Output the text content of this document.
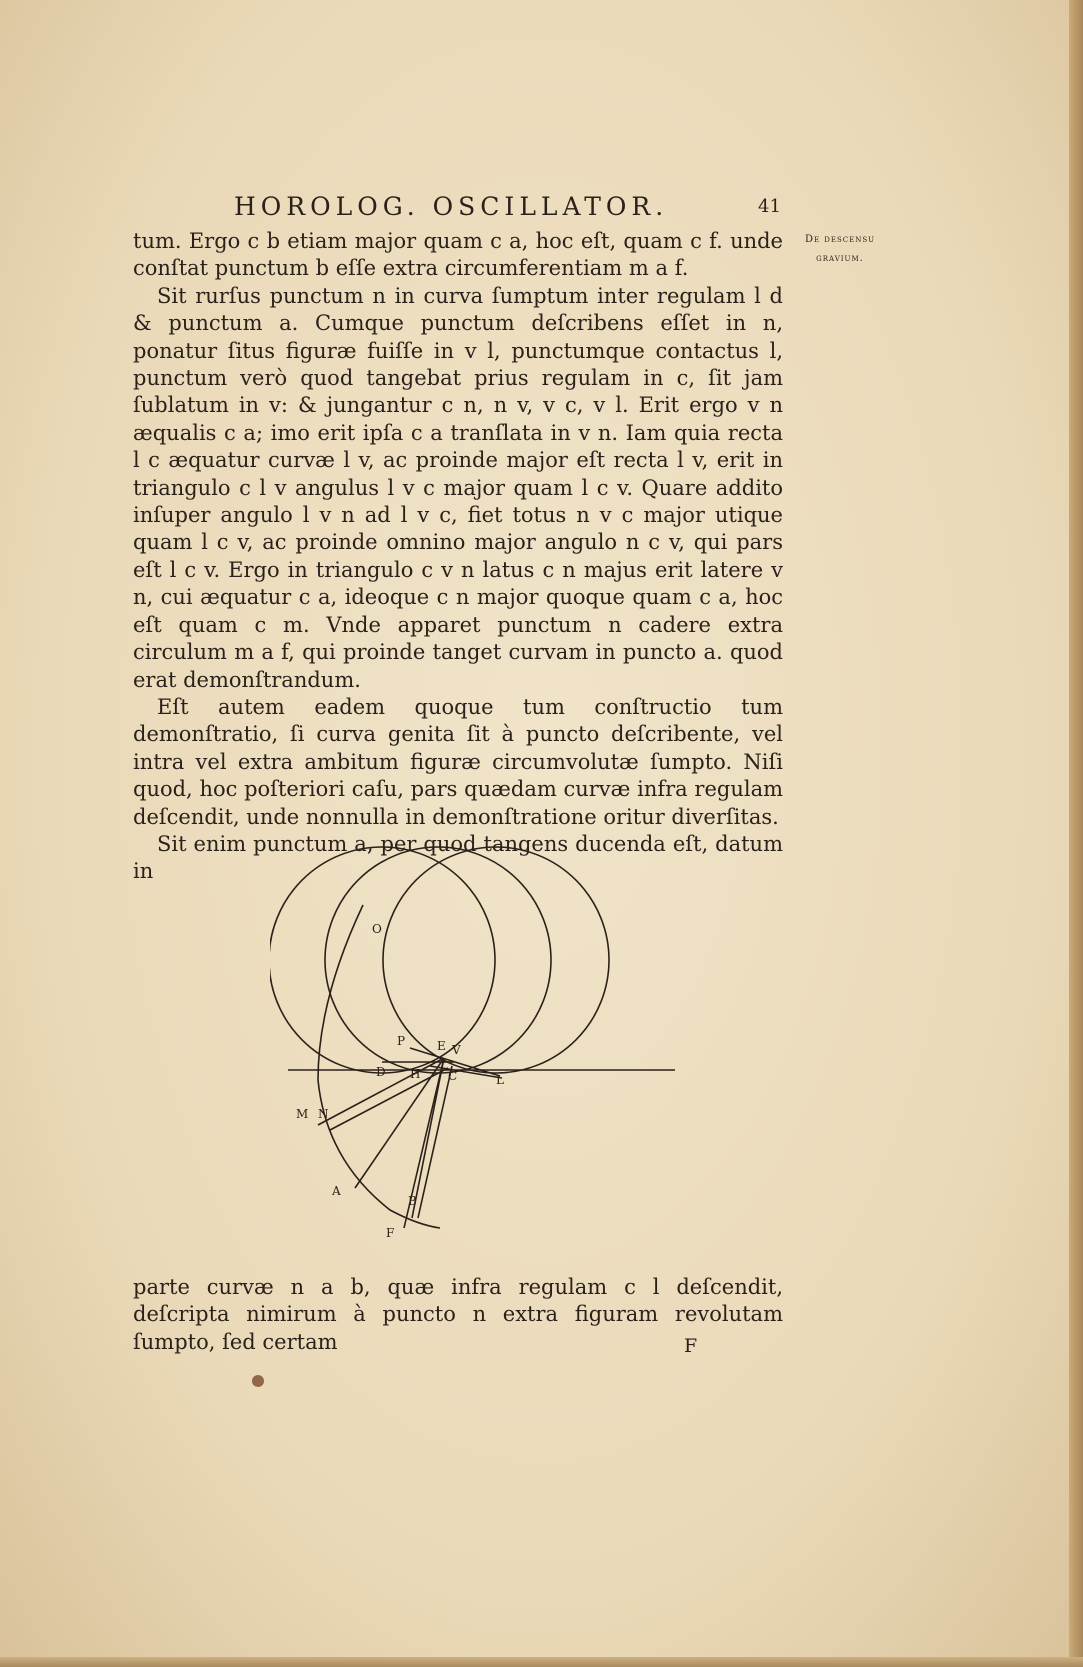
HOROLOG. OSCILLATOR.	41
De descensu
gravium.

tum. Ergo c b etiam major quam c a, hoc eſt, quam c f. unde conſtat punctum b eſſe extra circumferentiam m a f.

Sit rurſus punctum n in curva ſumptum inter regulam l d & punctum a. Cumque punctum deſcribens eſſet in n, ponatur ſitus figuræ fuiſſe in v l, punctumque contactus l, punctum verò quod tangebat prius regulam in c, ſit jam ſublatum in v: & jungantur c n, n v, v c, v l. Erit ergo v n æqualis c a; imo erit ipſa c a tranſlata in v n. Iam quia recta l c æquatur curvæ l v, ac proinde major eſt recta l v, erit in triangulo c l v angulus l v c major quam l c v. Quare addito inſuper angulo l v n ad l v c, fiet totus n v c major utique quam l c v, ac proinde omnino major angulo n c v, qui pars eſt l c v. Ergo in triangulo c v n latus c n majus erit latere v n, cui æquatur c a, ideoque c n major quoque quam c a, hoc eſt quam c m. Vnde apparet punctum n cadere extra circulum m a f, qui proinde tanget curvam in puncto a. quod erat demonſtrandum.

Eſt autem eadem quoque tum conſtructio tum demonſtratio, ſi curva genita ſit à puncto deſcribente, vel intra vel extra ambitum figuræ circumvolutæ ſumpto. Niſi quod, hoc poſteriori caſu, pars quædam curvæ infra regulam deſcendit, unde nonnulla in demonſtratione oritur diverſitas.

Sit enim punctum a, per quod tangens ducenda eſt, datum in

O
P	E V
D H C	L
M N
A
B
F

parte curvæ n a b, quæ infra regulam c l deſcendit, deſcripta nimirum à puncto n extra figuram revolutam ſumpto, ſed certam	F
